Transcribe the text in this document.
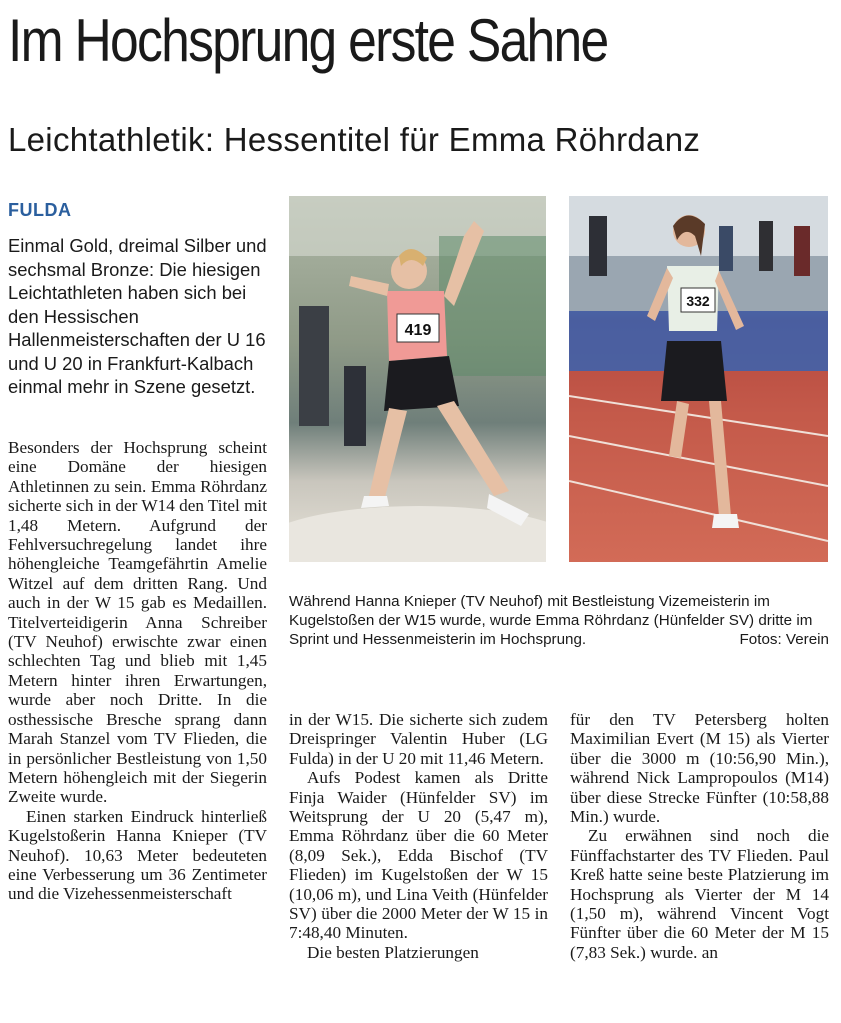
Im Hochsprung erste Sahne
Leichtathletik: Hessentitel für Emma Röhrdanz
FULDA
Einmal Gold, dreimal Silber und sechsmal Bronze: Die hiesigen Leichtathleten haben sich bei den Hessischen Hallenmeisterschaften der U 16 und U 20 in Frankfurt-Kalbach einmal mehr in Szene gesetzt.

Besonders der Hochsprung scheint eine Domäne der hiesigen Athletinnen zu sein. Emma Röhrdanz sicherte sich in der W14 den Titel mit 1,48 Metern. Aufgrund der Fehlversuchregelung landet ihre höhengleiche Teamgefährtin Amelie Witzel auf dem dritten Rang. Und auch in der W 15 gab es Medaillen. Titelverteidigerin Anna Schreiber (TV Neuhof) erwischte zwar einen schlechten Tag und blieb mit 1,45 Metern hinter ihren Erwartungen, wurde aber noch Dritte. In die osthessische Bresche sprang dann Marah Stanzel vom TV Flieden, die in persönlicher Bestleistung von 1,50 Metern höhengleich mit der Siegerin Zweite wurde.

Einen starken Eindruck hinterließ Kugelstoßerin Hanna Knieper (TV Neuhof). 10,63 Meter bedeuteten eine Verbesserung um 36 Zentimeter und die Vizehessenmeisterschaft

419
332
Während Hanna Knieper (TV Neuhof) mit Bestleistung Vizemeisterin im Kugelstoßen der W15 wurde, wurde Emma Röhrdanz (Hünfelder SV) dritte im Sprint und Hessenmeisterin im Hochsprung.	Fotos: Verein

in der W15. Die sicherte sich zudem Dreispringer Valentin Huber (LG Fulda) in der U 20 mit 11,46 Metern.

Aufs Podest kamen als Dritte Finja Waider (Hünfelder SV) im Weitsprung der U 20 (5,47 m), Emma Röhrdanz über die 60 Meter (8,09 Sek.), Edda Bischof (TV Flieden) im Kugelstoßen der W 15 (10,06 m), und Lina Veith (Hünfelder SV) über die 2000 Meter der W 15 in 7:48,40 Minuten.

Die besten Platzierungen

für den TV Petersberg holten Maximilian Evert (M 15) als Vierter über die 3000 m (10:56,90 Min.), während Nick Lampropoulos (M14) über diese Strecke Fünfter (10:58,88 Min.) wurde.

Zu erwähnen sind noch die Fünffachstarter des TV Flieden. Paul Kreß hatte seine beste Platzierung im Hochsprung als Vierter der M 14 (1,50 m), während Vincent Vogt Fünfter über die 60 Meter der M 15 (7,83 Sek.) wurde. an
